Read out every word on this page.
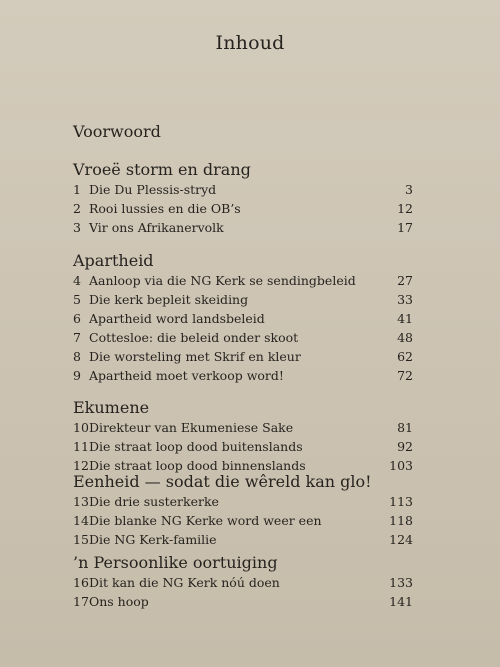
Inhoud
Voorwoord
Vroeë storm en drang
1 Die Du Plessis-stryd	3
2 Rooi lussies en die OB’s	12
3 Vir ons Afrikanervolk	17
Apartheid
4 Aanloop via die NG Kerk se sendingbeleid	27
5 Die kerk bepleit skeiding	33
6 Apartheid word landsbeleid	41
7 Cottesloe: die beleid onder skoot	48
8 Die worsteling met Skrif en kleur	62
9 Apartheid moet verkoop word!	72
Ekumene
10 Direkteur van Ekumeniese Sake	81
11 Die straat loop dood buitenslands	92
12 Die straat loop dood binnenslands	103
Eenheid — sodat die wêreld kan glo!
13 Die drie susterkerke	113
14 Die blanke NG Kerke word weer een	118
15 Die NG Kerk-familie	124
’n Persoonlike oortuiging
16 Dit kan die NG Kerk nóú doen	133
17 Ons hoop	141
